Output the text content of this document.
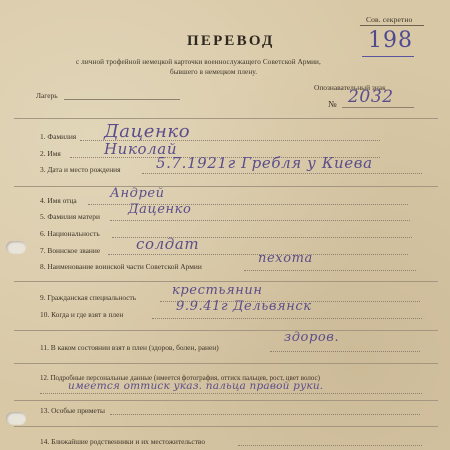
Сов. секретно
198
ПЕРЕВОД
с личной трофейной немецкой карточки военнослужащего Советской Армии,
бывшего в немецком плену.
Лагерь
Опознавательный знак
№ 2032
1. Фамилия Даценко
2. Имя	Николай
3. Дата и место рождения 5.7.1921г Гребля у Киева
4. Имя отца	Андрей
5. Фамилия матери Даценко
6. Национальность
7. Воинское звание солдат
8. Наименование воинской части Советской Армии
пехота
9. Гражданская специальность	крестьянин
10. Когда и где взят в плен
9.9.41г Дельвянск
11. В каком состоянии взят в плен (здоров, болен, ранен)
здоров.
12. Подробные персональные данные (имеется фотография, оттиск пальцев, рост, цвет волос)
имеется оттиск указ. пальца правой руки.
13. Особые приметы
14. Ближайшие родственники и их местожительство
